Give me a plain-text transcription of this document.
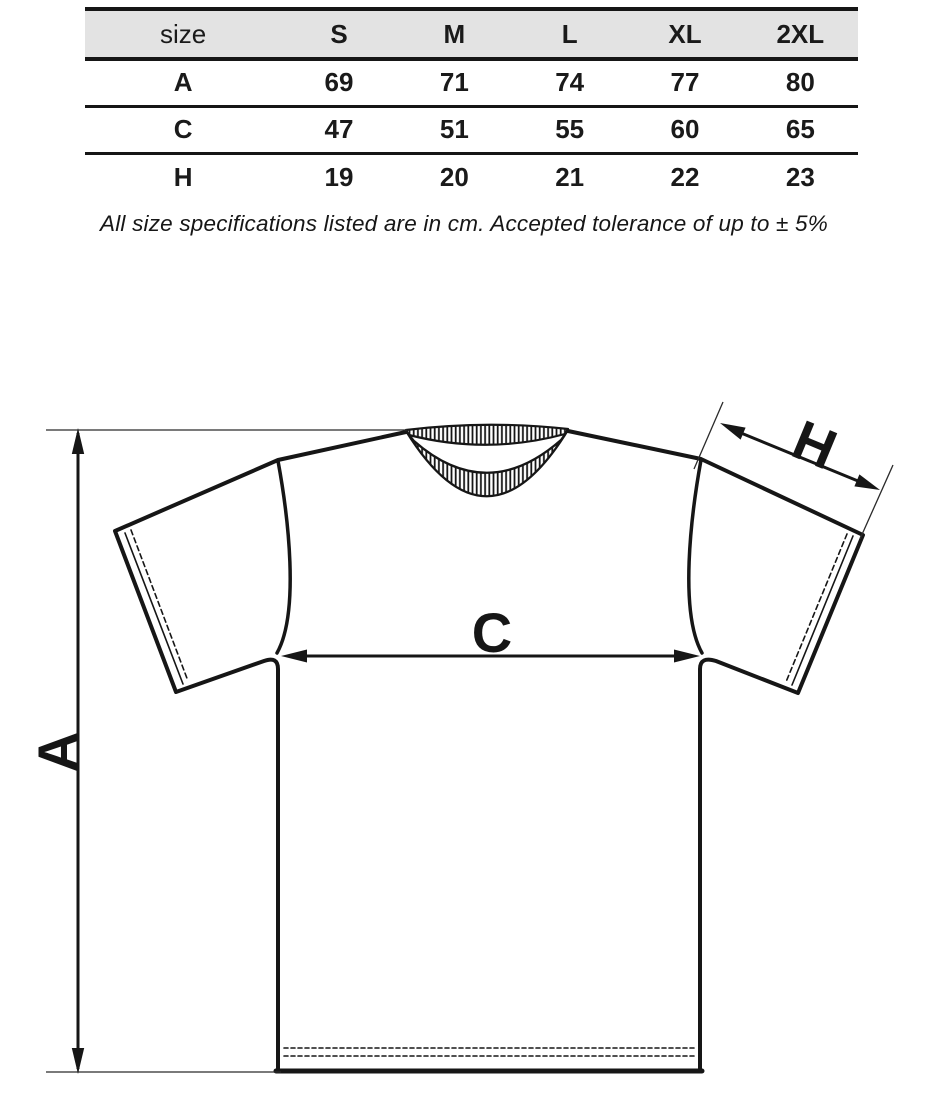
size	S	M	L	XL	2XL
A	69	71	74	77	80
C	47	51	55	60	65
H	19	20	21	22	23

All size specifications listed are in cm. Accepted tolerance of up to ± 5%

A
C
H
